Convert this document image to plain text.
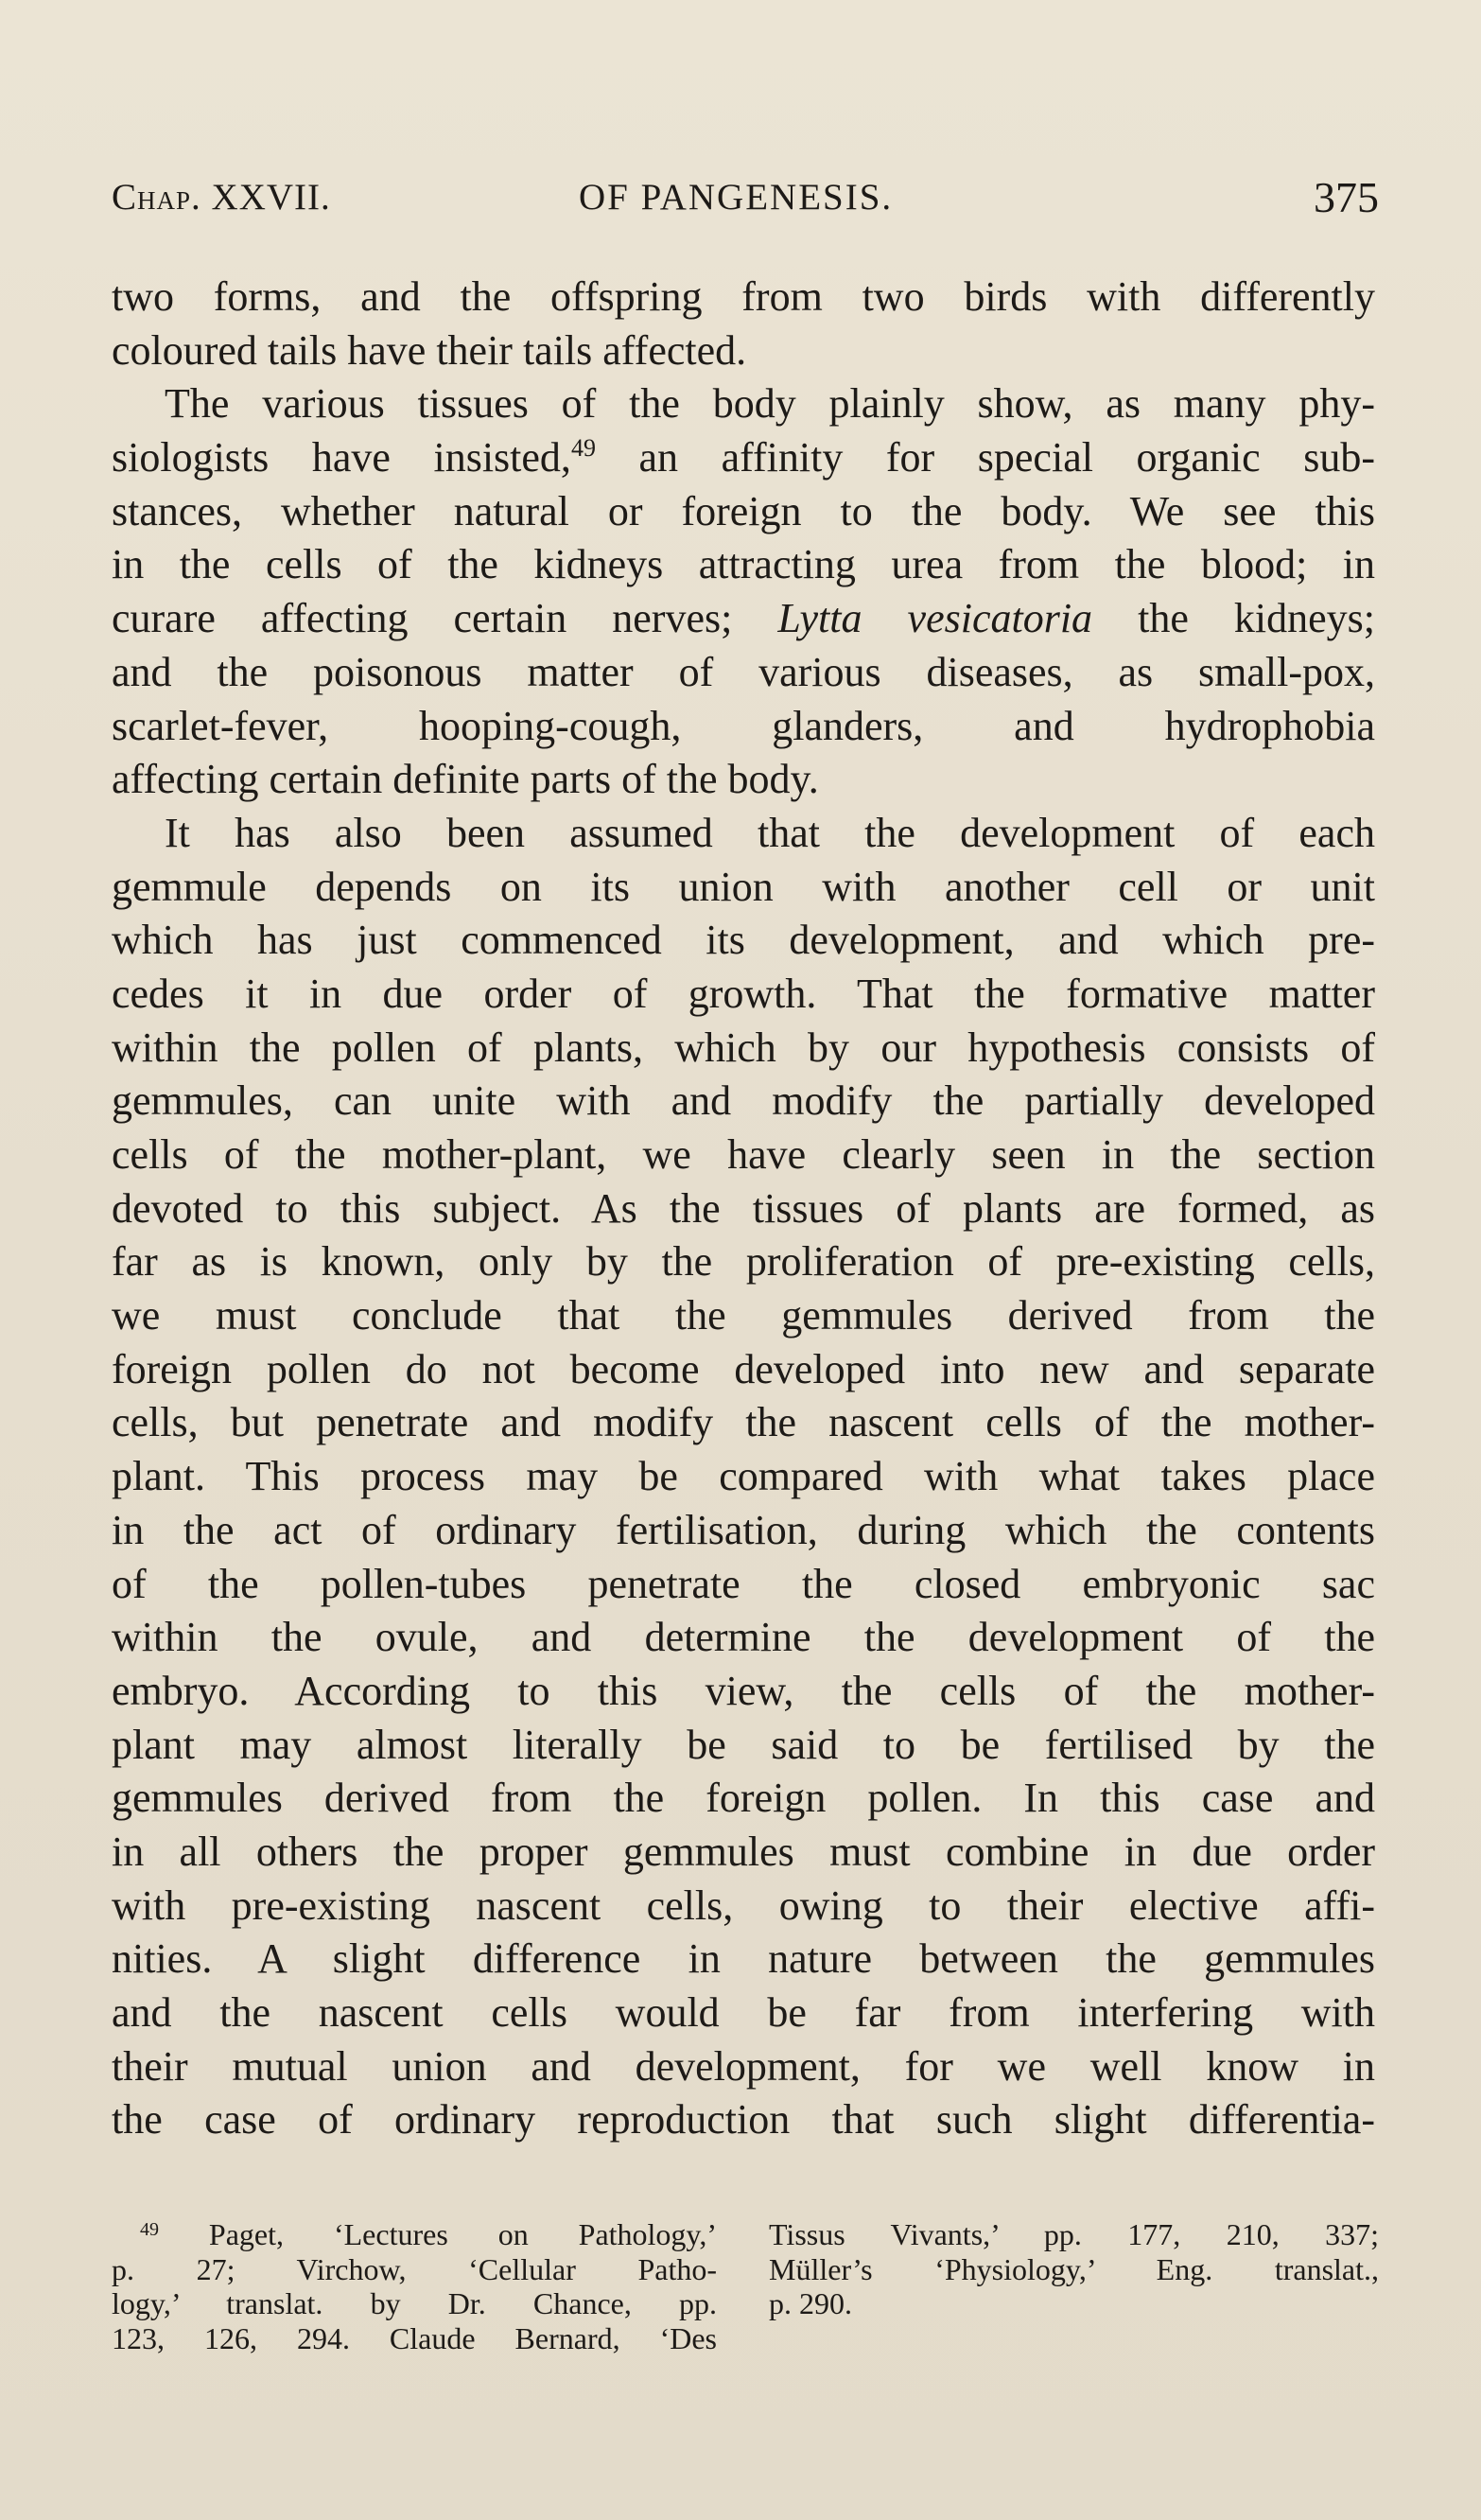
Chap. XXVII.	OF PANGENESIS.	375
two forms, and the offspring from two birds with differently
coloured tails have their tails affected.
The various tissues of the body plainly show, as many phy-
siologists have insisted,$^{49}$ an affinity for special organic sub-
stances, whether natural or foreign to the body. We see this
in the cells of the kidneys attracting urea from the blood; in
curare affecting certain nerves; Lytta vesicatoria the kidneys;
and the poisonous matter of various diseases, as small-pox,
scarlet-fever, hooping-cough, glanders, and hydrophobia
affecting certain definite parts of the body.
It has also been assumed that the development of each
gemmule depends on its union with another cell or unit
which has just commenced its development, and which pre-
cedes it in due order of growth. That the formative matter
within the pollen of plants, which by our hypothesis consists of
gemmules, can unite with and modify the partially developed
cells of the mother-plant, we have clearly seen in the section
devoted to this subject. As the tissues of plants are formed, as
far as is known, only by the proliferation of pre-existing cells,
we must conclude that the gemmules derived from the
foreign pollen do not become developed into new and separate
cells, but penetrate and modify the nascent cells of the mother-
plant. This process may be compared with what takes place
in the act of ordinary fertilisation, during which the contents
of the pollen-tubes penetrate the closed embryonic sac
within the ovule, and determine the development of the
embryo. According to this view, the cells of the mother-
plant may almost literally be said to be fertilised by the
gemmules derived from the foreign pollen. In this case and
in all others the proper gemmules must combine in due order
with pre-existing nascent cells, owing to their elective affi-
nities. A slight difference in nature between the gemmules
and the nascent cells would be far from interfering with
their mutual union and development, for we well know in
the case of ordinary reproduction that such slight differentia-
$^{49}$ Paget, ‘Lectures on Pathology,’
p. 27; Virchow, ‘Cellular Patho-
logy,’ translat. by Dr. Chance, pp.
123, 126, 294. Claude Bernard, ‘Des
Tissus Vivants,’ pp. 177, 210, 337;
Müller’s ‘Physiology,’ Eng. translat.,
p. 290.
